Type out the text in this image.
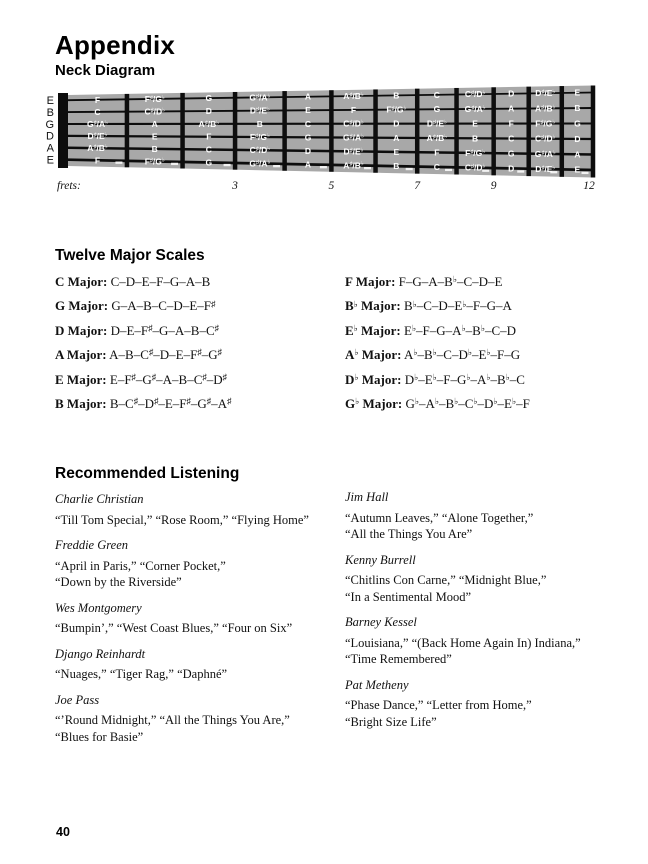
Appendix
Neck Diagram
E
B
G
D
A
E
F	F♯/G♭	G	G♯/A♭	A	A♯/B♭	B	C	C♯/D♭	D D♯/E♭ E
C	C♯/D♭	D	D♯/E♭	E	F	F♯/G♭	G	G♯/A♭	A A♯/B♭ B
G♯/A♭	A	A♯/B♭	B	C	C♯/D♭	D	D♯/E♭	E	F	F♯/G♭ G
D♯/E♭	E	F	F♯/G♭	G	G♯/A♭	A	A♯/B♭	B	C C♯/D♭ D
A♯/B♭	B	C	C♯/D♭	D	D♯/E♭	E	F	F♯/G♭	G G♯/A♭ A
F	F♯/G♭	G	G♯/A♭	A	A♯/B♭	B	C	C♯/D♭	D D♯/E♭ E
frets:	3	5	7	9	12
Twelve Major Scales
C Major: C–D–E–F–G–A–B
G Major: G–A–B–C–D–E–F♯
D Major: D–E–F♯–G–A–B–C♯
A Major: A–B–C♯–D–E–F♯–G♯
E Major: E–F♯–G♯–A–B–C♯–D♯
B Major: B–C♯–D♯–E–F♯–G♯–A♯
F Major: F–G–A–B♭–C–D–E
B♭ Major: B♭–C–D–E♭–F–G–A
E♭ Major: E♭–F–G–A♭–B♭–C–D
A♭ Major: A♭–B♭–C–D♭–E♭–F–G
D♭ Major: D♭–E♭–F–G♭–A♭–B♭–C
G♭ Major: G♭–A♭–B♭–C♭–D♭–E♭–F
Recommended Listening
Charlie Christian
“Till Tom Special,” “Rose Room,” “Flying Home”
Freddie Green
“April in Paris,” “Corner Pocket,”
“Down by the Riverside”
Wes Montgomery
“Bumpin’,” “West Coast Blues,” “Four on Six”
Django Reinhardt
“Nuages,” “Tiger Rag,” “Daphné”
Joe Pass
“’Round Midnight,” “All the Things You Are,”
“Blues for Basie”
Jim Hall
“Autumn Leaves,” “Alone Together,”
“All the Things You Are”
Kenny Burrell
“Chitlins Con Carne,” “Midnight Blue,”
“In a Sentimental Mood”
Barney Kessel
“Louisiana,” “(Back Home Again In) Indiana,”
“Time Remembered”
Pat Metheny
“Phase Dance,” “Letter from Home,”
“Bright Size Life”
40
